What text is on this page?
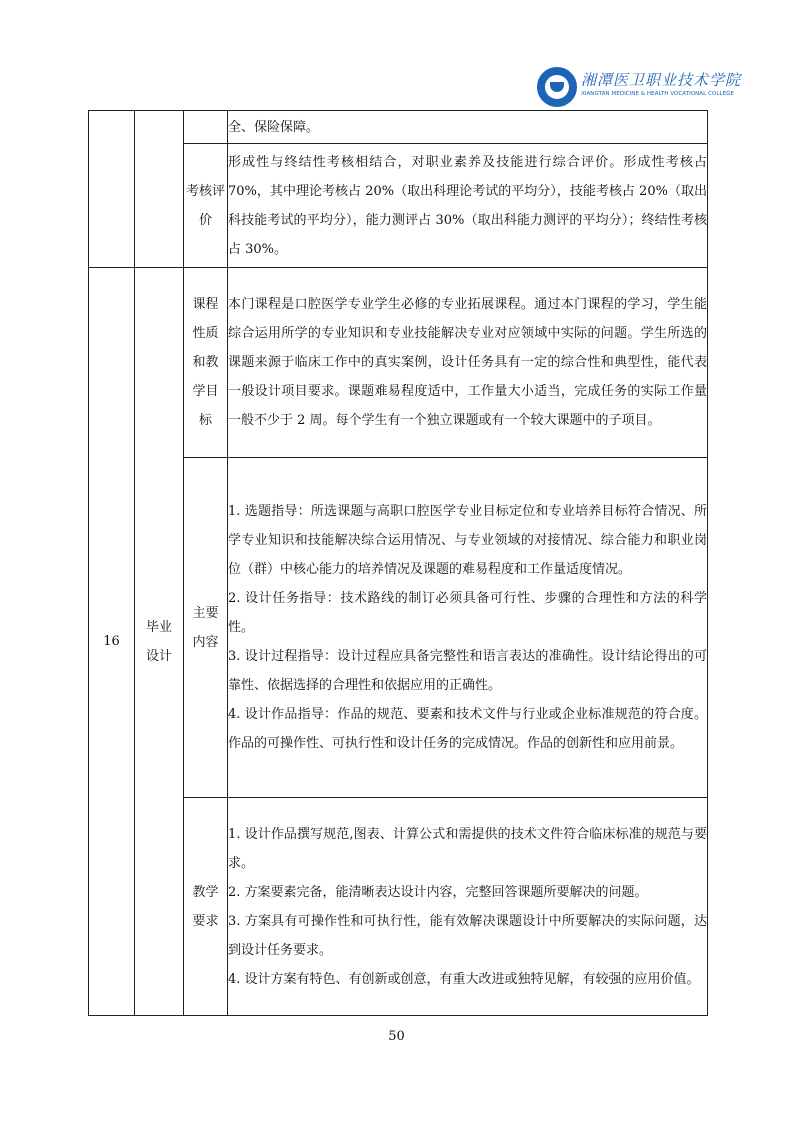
湘潭医卫职业技术学院
XIANGTAN MEDICINE & HEALTH VOCATIONAL COLLEGE

			全、保险保障。

		考核评价	形成性与终结性考核相结合，对职业素养及技能进行综合评价。形成性考核占 70%，其中理论考核占 20%（取出科理论考试的平均分），技能考核占 20%（取出科技能考试的平均分），能力测评占 30%（取出科能力测评的平均分）；终结性考核占 30%。

16	毕业设计	课程性质和教学目标	本门课程是口腔医学专业学生必修的专业拓展课程。通过本门课程的学习，学生能综合运用所学的专业知识和专业技能解决专业对应领域中实际的问题。学生所选的课题来源于临床工作中的真实案例，设计任务具有一定的综合性和典型性，能代表一般设计项目要求。课题难易程度适中，工作量大小适当，完成任务的实际工作量一般不少于 2 周。每个学生有一个独立课题或有一个较大课题中的子项目。

		主要内容	1. 选题指导：所选课题与高职口腔医学专业目标定位和专业培养目标符合情况、所学专业知识和技能解决综合运用情况、与专业领域的对接情况、综合能力和职业岗位（群）中核心能力的培养情况及课题的难易程度和工作量适度情况。
2. 设计任务指导：技术路线的制订必须具备可行性、步骤的合理性和方法的科学性。
3. 设计过程指导：设计过程应具备完整性和语言表达的准确性。设计结论得出的可靠性、依据选择的合理性和依据应用的正确性。
4. 设计作品指导：作品的规范、要素和技术文件与行业或企业标准规范的符合度。作品的可操作性、可执行性和设计任务的完成情况。作品的创新性和应用前景。

		教学要求	1. 设计作品撰写规范,图表、计算公式和需提供的技术文件符合临床标准的规范与要求。
2. 方案要素完备，能清晰表达设计内容，完整回答课题所要解决的问题。
3. 方案具有可操作性和可执行性，能有效解决课题设计中所要解决的实际问题，达到设计任务要求。
4. 设计方案有特色、有创新或创意，有重大改进或独特见解，有较强的应用价值。
50
